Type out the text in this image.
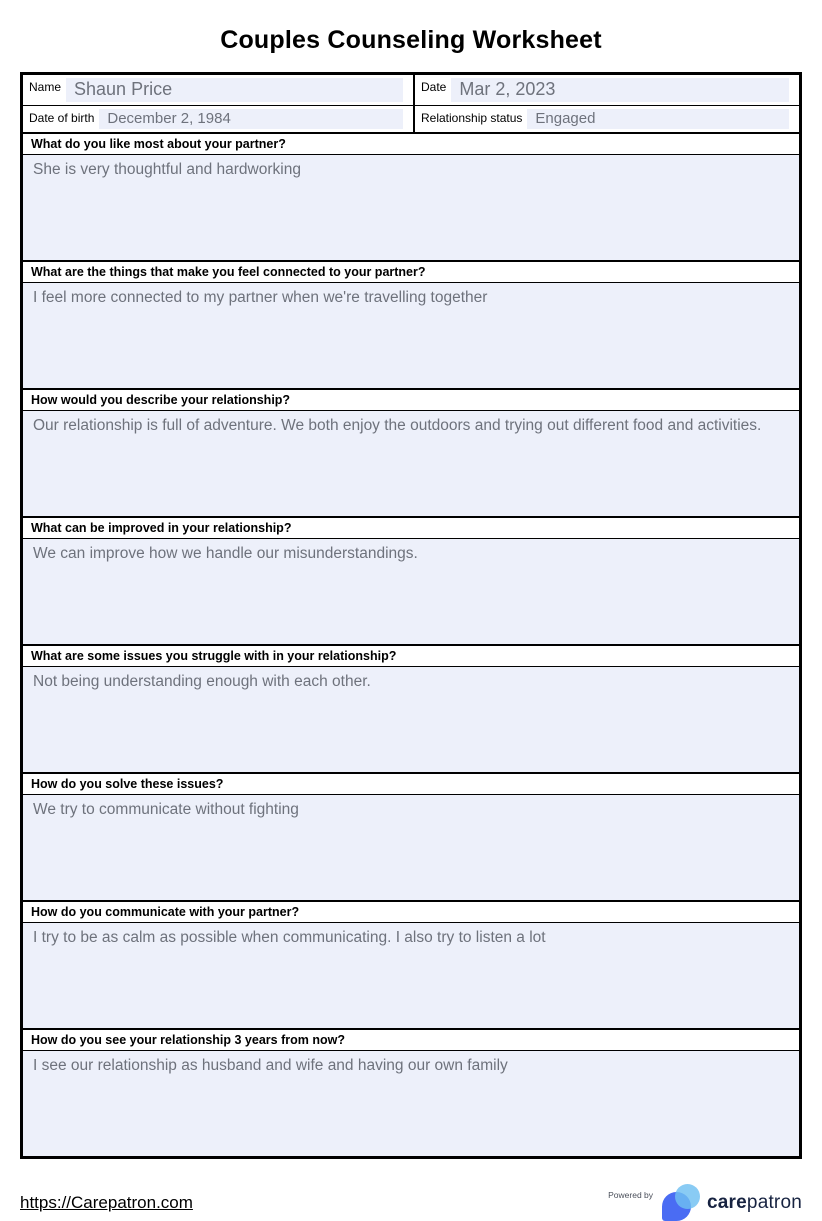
Couples Counseling Worksheet
Name Shaun Price	Date Mar 2, 2023
Date of birth December 2, 1984	Relationship status Engaged
What do you like most about your partner?
She is very thoughtful and hardworking
What are the things that make you feel connected to your partner?
I feel more connected to my partner when we're travelling together
How would you describe your relationship?
Our relationship is full of adventure. We both enjoy the outdoors and trying out different food and activities.
What can be improved in your relationship?
We can improve how we handle our misunderstandings.
What are some issues you struggle with in your relationship?
Not being understanding enough with each other.
How do you solve these issues?
We try to communicate without fighting
How do you communicate with your partner?
I try to be as calm as possible when communicating. I also try to listen a lot
How do you see your relationship 3 years from now?
I see our relationship as husband and wife and having our own family
https://Carepatron.com	Powered by	carepatron
